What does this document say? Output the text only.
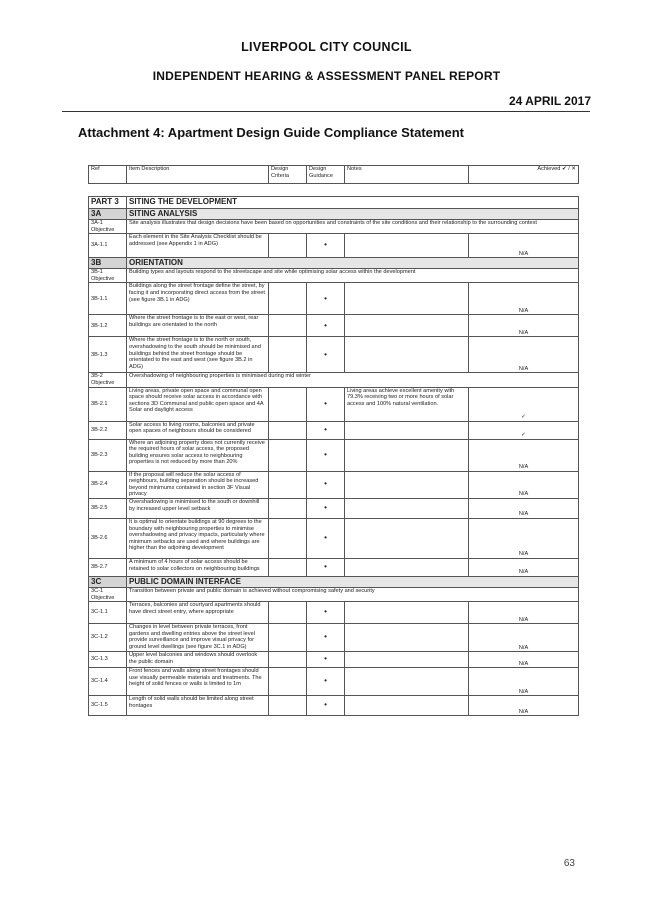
LIVERPOOL CITY COUNCIL
INDEPENDENT HEARING & ASSESSMENT PANEL REPORT
24 APRIL 2017
Attachment 4: Apartment Design Guide Compliance Statement
Ref	Item Description	Design Criteria	Design Guidance	Notes	Achieved ✔ / ✕
PART 3	SITING THE DEVELOPMENT				
3A	SITING ANALYSIS				
3A-1 Objective	Site analysis illustrates that design decisions have been based on opportunities and constraints of the site conditions and their relationship to the surrounding context				
3A-1.1	Each element in the Site Analysis Checklist should be addressed (see Appendix 1 in ADG)		•		N/A
3B	ORIENTATION				
3B-1 Objective	Building types and layouts respond to the streetscape and site while optimising solar access within the development				
3B-1.1	Buildings along the street frontage define the street, by facing it and incorporating direct access from the street (see figure 3B.1 in ADG)		•		N/A
3B-1.2	Where the street frontage is to the east or west, rear buildings are orientated to the north		•		N/A
3B-1.3	Where the street frontage is to the north or south, overshadowing to the south should be minimised and buildings behind the street frontage should be orientated to the east and west (see figure 3B.2 in ADG)		•		N/A
3B-2 Objective	Overshadowing of neighbouring properties is minimised during mid winter				
3B-2.1	Living areas, private open space and communal open space should receive solar access in accordance with sections 3D Communal and public open space and 4A Solar and daylight access		•	Living areas achieve excellent amenity with 79.3% receiving two or more hours of solar access and 100% natural ventilation.	✓
3B-2.2	Solar access to living rooms, balconies and private open spaces of neighbours should be considered		•		✓
3B-2.3	Where an adjoining property does not currently receive the required hours of solar access, the proposed building ensures solar access to neighbouring properties is not reduced by more than 20%		•		N/A
3B-2.4	If the proposal will reduce the solar access of neighbours, building separation should be increased beyond minimums contained in section 3F Visual privacy		•		N/A
3B-2.5	Overshadowing is minimised to the south or downhill by increased upper level setback		•		N/A
3B-2.6	It is optimal to orientate buildings at 90 degrees to the boundary with neighbouring properties to minimise overshadowing and privacy impacts, particularly where minimum setbacks are used and where buildings are higher than the adjoining development		•		N/A
3B-2.7	A minimum of 4 hours of solar access should be retained to solar collectors on neighbouring buildings		•		N/A
3C	PUBLIC DOMAIN INTERFACE				
3C-1 Objective	Transition between private and public domain is achieved without compromising safety and security				
3C-1.1	Terraces, balconies and courtyard apartments should have direct street entry, where appropriate		•		N/A
3C-1.2	Changes in level between private terraces, front gardens and dwelling entries above the street level provide surveillance and improve visual privacy for ground level dwellings (see figure 3C.1 in ADG)		•		N/A
3C-1.3	Upper level balconies and windows should overlook the public domain		•		N/A
3C-1.4	Front fences and walls along street frontages should use visually permeable materials and treatments. The height of solid fences or walls is limited to 1m		•		N/A
3C-1.5	Length of solid walls should be limited along street frontages		•		N/A
63
